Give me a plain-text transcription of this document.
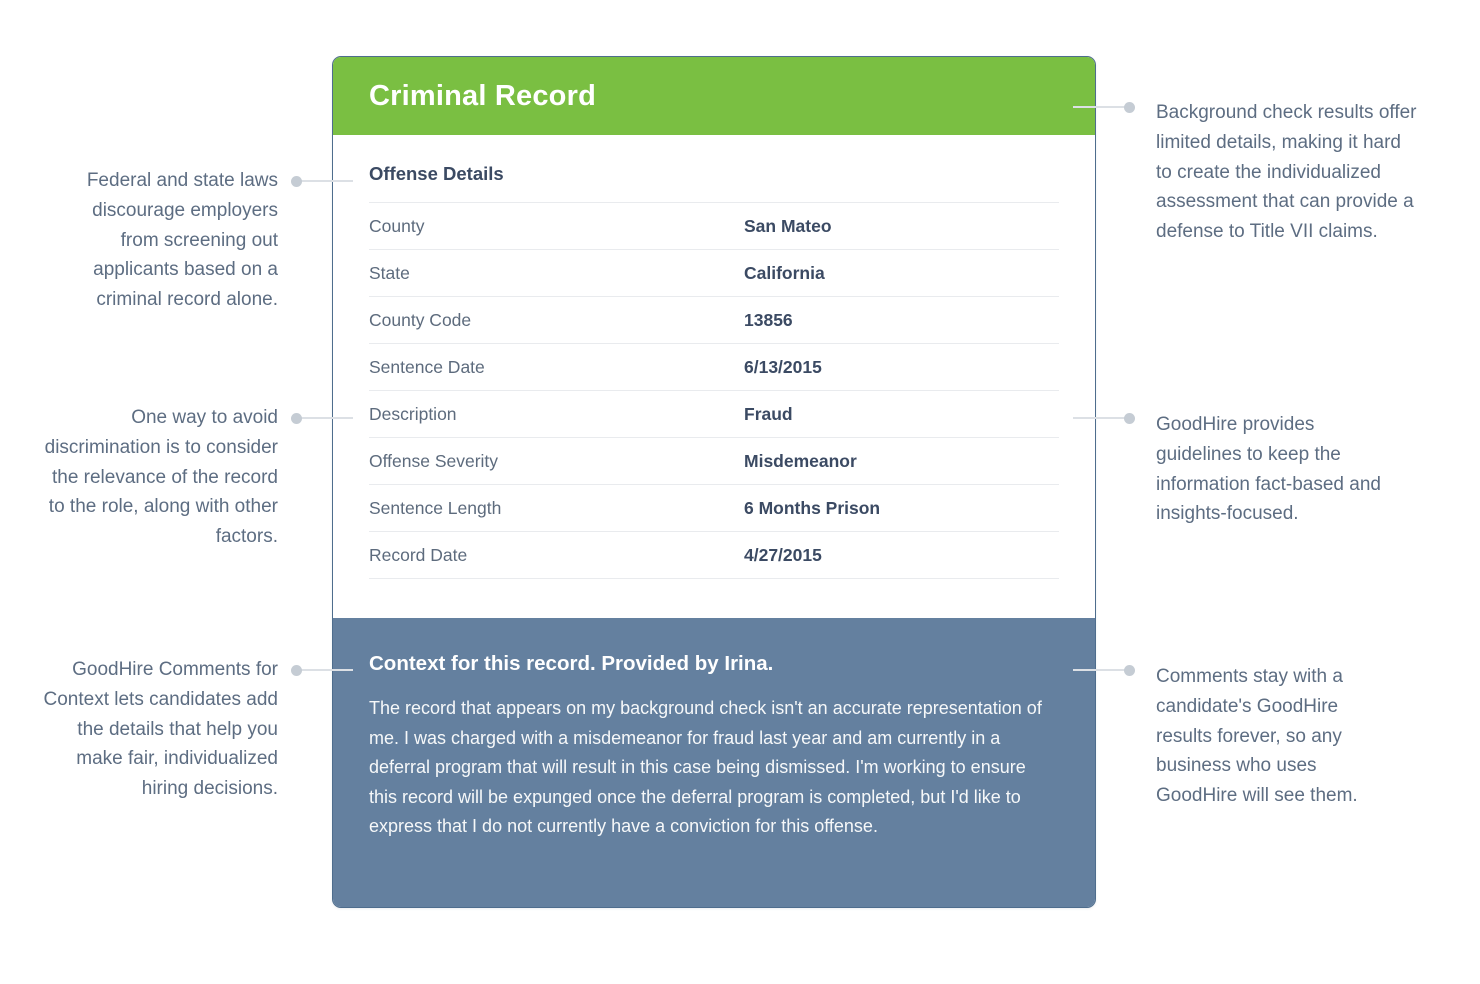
Federal and state laws discourage employers from screening out applicants based on a criminal record alone.
One way to avoid discrimination is to consider the relevance of the record to the role, along with other factors.
GoodHire Comments for Context lets candidates add the details that help you make fair, individualized hiring decisions.
Background check results offer limited details, making it hard to create the individualized assessment that can provide a defense to Title VII claims.
GoodHire provides guidelines to keep the information fact-based and insights-focused.
Comments stay with a candidate's GoodHire results forever, so any business who uses GoodHire will see them.
Criminal Record
Offense Details
County	San Mateo
State	California
County Code	13856
Sentence Date	6/13/2015
Description	Fraud
Offense Severity	Misdemeanor
Sentence Length	6 Months Prison
Record Date	4/27/2015
Context for this record. Provided by Irina.
The record that appears on my background check isn't an accurate representation of me. I was charged with a misdemeanor for fraud last year and am currently in a deferral program that will result in this case being dismissed. I'm working to ensure this record will be expunged once the deferral program is completed, but I'd like to express that I do not currently have a conviction for this offense.
